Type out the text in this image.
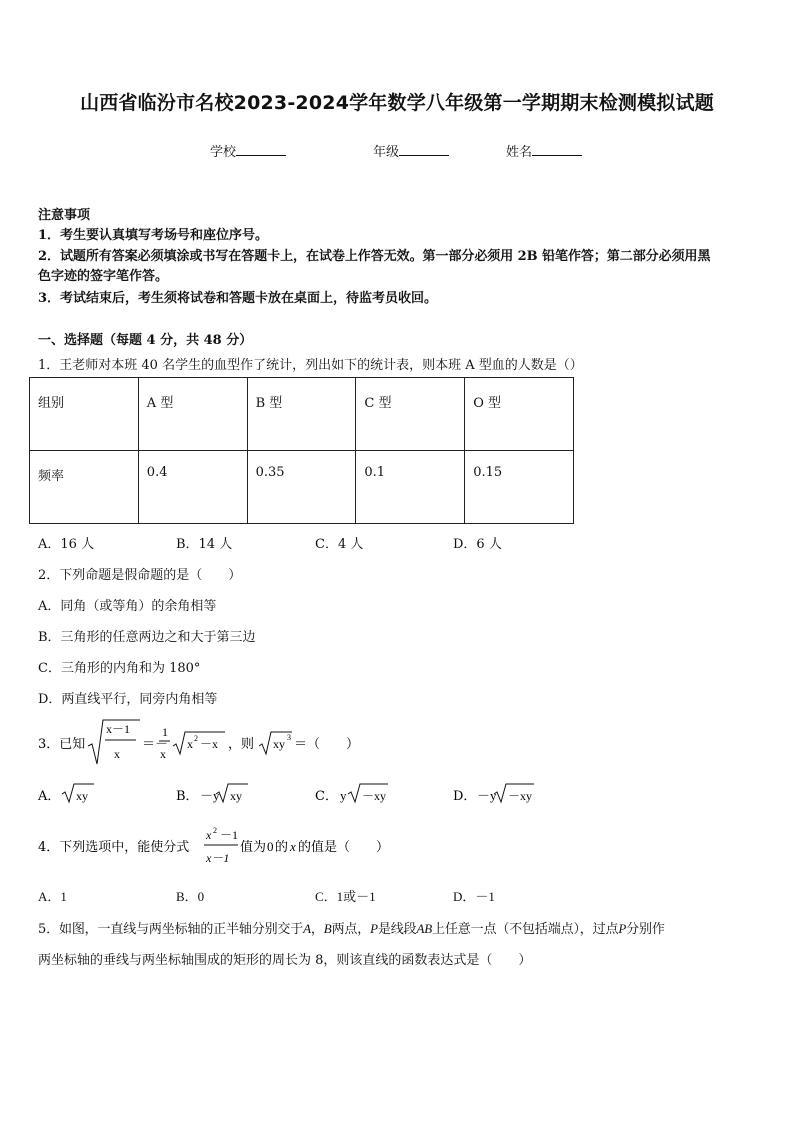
山西省临汾市名校2023-2024学年数学八年级第一学期期末检测模拟试题
学校	年级	姓名
注意事项
1．考生要认真填写考场号和座位序号。
2．试题所有答案必须填涂或书写在答题卡上，在试卷上作答无效。第一部分必须用 2B 铅笔作答；第二部分必须用黑
色字迹的签字笔作答。
3．考试结束后，考生须将试卷和答题卡放在桌面上，待监考员收回。
一、选择题（每题 4 分，共 48 分）
1．王老师对本班 40 名学生的血型作了统计，列出如下的统计表，则本班 A 型血的人数是（）
组别	A 型	B 型	C 型	O 型
频率	0.4	0.35	0.1	0.15
A．16 人	B．14 人	C．4 人	D．6 人
2．下列命题是假命题的是（　　）
A．同角（或等角）的余角相等
B．三角形的任意两边之和大于第三边
C．三角形的内角和为 180°
D．两直线平行，同旁内角相等
3．已知
x－1
x
＝－
1
x
x 2 －x ，则 xy 3 ＝（　　）
A． xy	B． －y xy	C． y －xy	D． －y －xy
4．下列选项中，能使分式
x 2 －1
x－1
值为 0 的 x 的值是（　　）
A．1	B．0	C．1或－1	D．－1
5．如图，一直线与两坐标轴的正半轴分别交于A，B两点，P是线段AB上任意一点（不包括端点），过点P分别作
两坐标轴的垂线与两坐标轴围成的矩形的周长为 8，则该直线的函数表达式是（　　）
